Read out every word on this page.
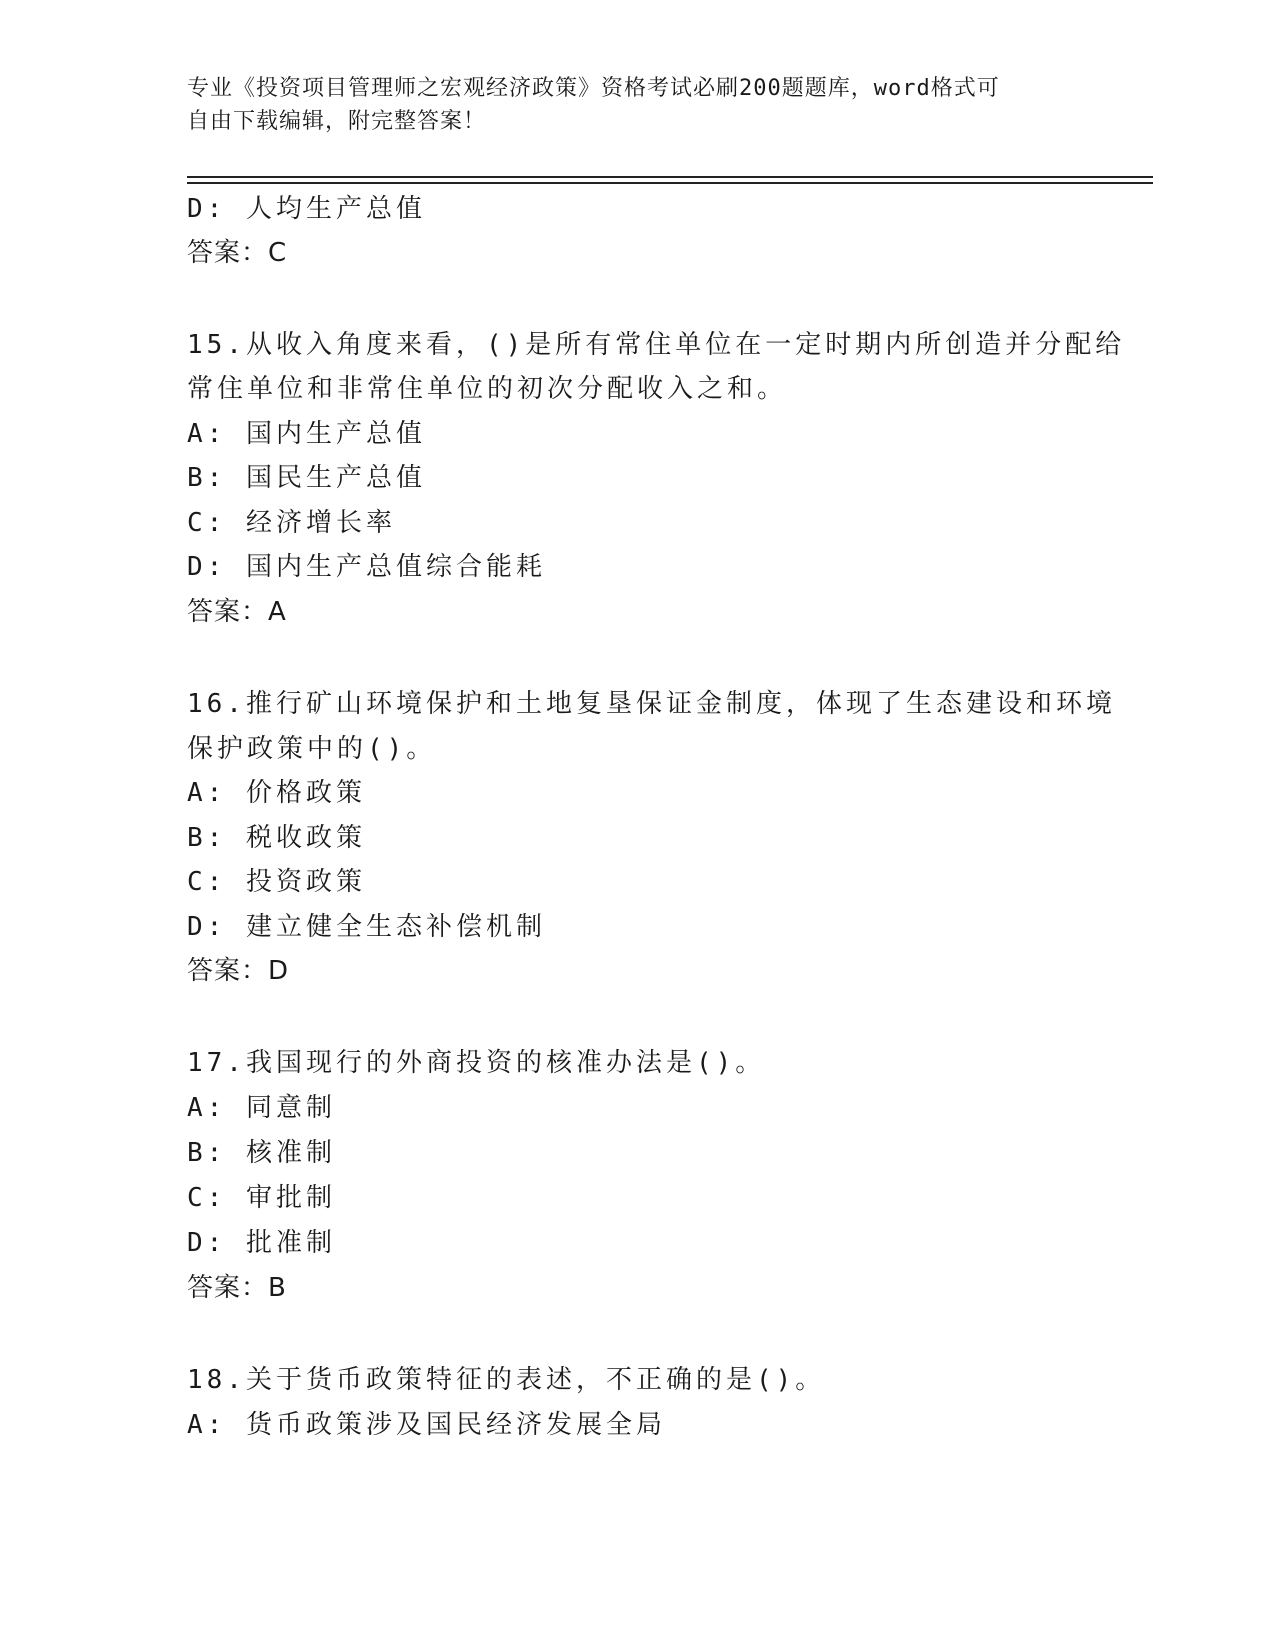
专业《投资项目管理师之宏观经济政策》资格考试必刷200题题库，word格式可
自由下载编辑，附完整答案！
D: 人均生产总值
答案：C
15.从收入角度来看，()是所有常住单位在一定时期内所创造并分配给
常住单位和非常住单位的初次分配收入之和。
A: 国内生产总值
B: 国民生产总值
C: 经济增长率
D: 国内生产总值综合能耗
答案：A
16.推行矿山环境保护和土地复垦保证金制度，体现了生态建设和环境
保护政策中的()。
A: 价格政策
B: 税收政策
C: 投资政策
D: 建立健全生态补偿机制
答案：D
17.我国现行的外商投资的核准办法是()。
A: 同意制
B: 核准制
C: 审批制
D: 批准制
答案：B
18.关于货币政策特征的表述，不正确的是()。
A: 货币政策涉及国民经济发展全局
